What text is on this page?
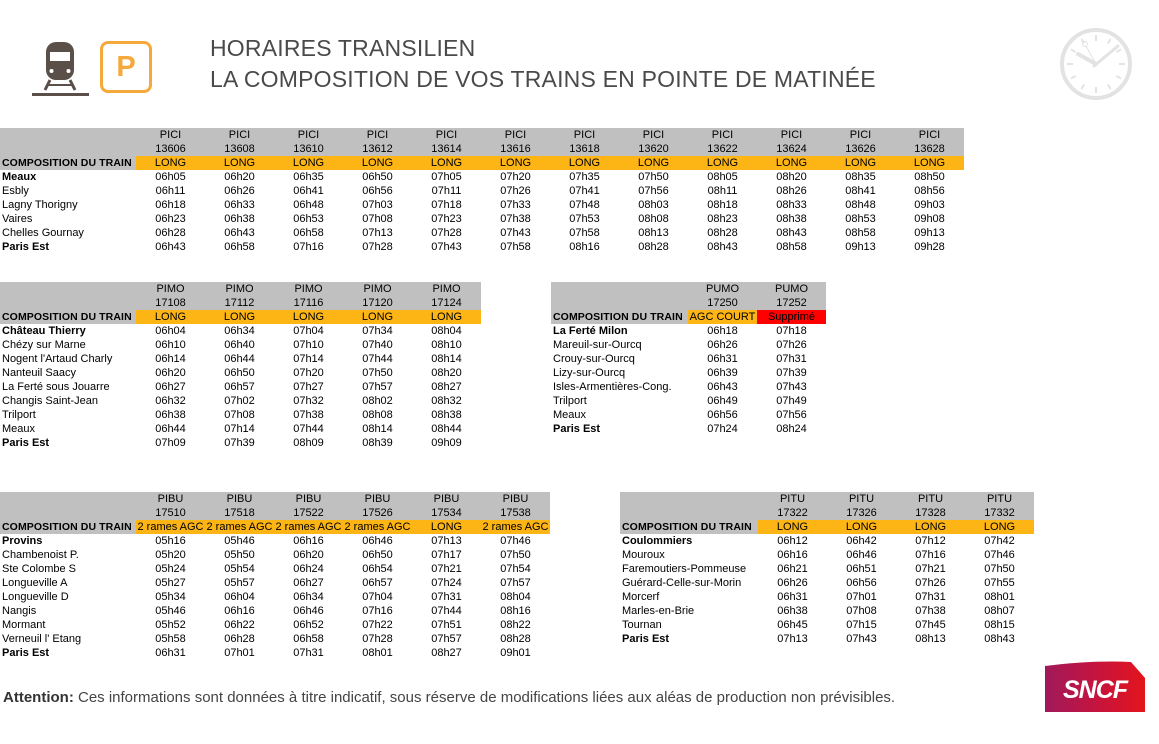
P
HORAIRES TRANSILIEN
LA COMPOSITION DE VOS TRAINS EN POINTE DE MATINÉE
	PICI	PICI	PICI	PICI	PICI	PICI	PICI	PICI	PICI	PICI	PICI	PICI
	13606	13608	13610	13612	13614	13616	13618	13620	13622	13624	13626	13628
COMPOSITION DU TRAIN	LONG	LONG	LONG	LONG	LONG	LONG	LONG	LONG	LONG	LONG	LONG	LONG
Meaux	06h05	06h20	06h35	06h50	07h05	07h20	07h35	07h50	08h05	08h20	08h35	08h50
Esbly	06h11	06h26	06h41	06h56	07h11	07h26	07h41	07h56	08h11	08h26	08h41	08h56
Lagny Thorigny	06h18	06h33	06h48	07h03	07h18	07h33	07h48	08h03	08h18	08h33	08h48	09h03
Vaires	06h23	06h38	06h53	07h08	07h23	07h38	07h53	08h08	08h23	08h38	08h53	09h08
Chelles Gournay	06h28	06h43	06h58	07h13	07h28	07h43	07h58	08h13	08h28	08h43	08h58	09h13
Paris Est	06h43	06h58	07h16	07h28	07h43	07h58	08h16	08h28	08h43	08h58	09h13	09h28
	PIMO	PIMO	PIMO	PIMO	PIMO
	17108	17112	17116	17120	17124
COMPOSITION DU TRAIN	LONG	LONG	LONG	LONG	LONG
Château Thierry	06h04	06h34	07h04	07h34	08h04
Chézy sur Marne	06h10	06h40	07h10	07h40	08h10
Nogent l'Artaud Charly	06h14	06h44	07h14	07h44	08h14
Nanteuil Saacy	06h20	06h50	07h20	07h50	08h20
La Ferté sous Jouarre	06h27	06h57	07h27	07h57	08h27
Changis Saint-Jean	06h32	07h02	07h32	08h02	08h32
Trilport	06h38	07h08	07h38	08h08	08h38
Meaux	06h44	07h14	07h44	08h14	08h44
Paris Est	07h09	07h39	08h09	08h39	09h09
	PUMO	PUMO
	17250	17252
COMPOSITION DU TRAIN	AGC COURT	Supprimé
La Ferté Milon	06h18	07h18
Mareuil-sur-Ourcq	06h26	07h26
Crouy-sur-Ourcq	06h31	07h31
Lizy-sur-Ourcq	06h39	07h39
Isles-Armentières-Cong.	06h43	07h43
Trilport	06h49	07h49
Meaux	06h56	07h56
Paris Est	07h24	08h24
	PIBU	PIBU	PIBU	PIBU	PIBU	PIBU
	17510	17518	17522	17526	17534	17538
COMPOSITION DU TRAIN	2 rames AGC	2 rames AGC	2 rames AGC	2 rames AGC	LONG	2 rames AGC
Provins	05h16	05h46	06h16	06h46	07h13	07h46
Chambenoist P.	05h20	05h50	06h20	06h50	07h17	07h50
Ste Colombe S	05h24	05h54	06h24	06h54	07h21	07h54
Longueville A	05h27	05h57	06h27	06h57	07h24	07h57
Longueville D	05h34	06h04	06h34	07h04	07h31	08h04
Nangis	05h46	06h16	06h46	07h16	07h44	08h16
Mormant	05h52	06h22	06h52	07h22	07h51	08h22
Verneuil l' Etang	05h58	06h28	06h58	07h28	07h57	08h28
Paris Est	06h31	07h01	07h31	08h01	08h27	09h01
	PITU	PITU	PITU	PITU
	17322	17326	17328	17332
COMPOSITION DU TRAIN	LONG	LONG	LONG	LONG
Coulommiers	06h12	06h42	07h12	07h42
Mouroux	06h16	06h46	07h16	07h46
Faremoutiers-Pommeuse	06h21	06h51	07h21	07h50
Guérard-Celle-sur-Morin	06h26	06h56	07h26	07h55
Morcerf	06h31	07h01	07h31	08h01
Marles-en-Brie	06h38	07h08	07h38	08h07
Tournan	06h45	07h15	07h45	08h15
Paris Est	07h13	07h43	08h13	08h43
Attention: Ces informations sont données à titre indicatif, sous réserve de modifications liées aux aléas de production non prévisibles.	SNCF
